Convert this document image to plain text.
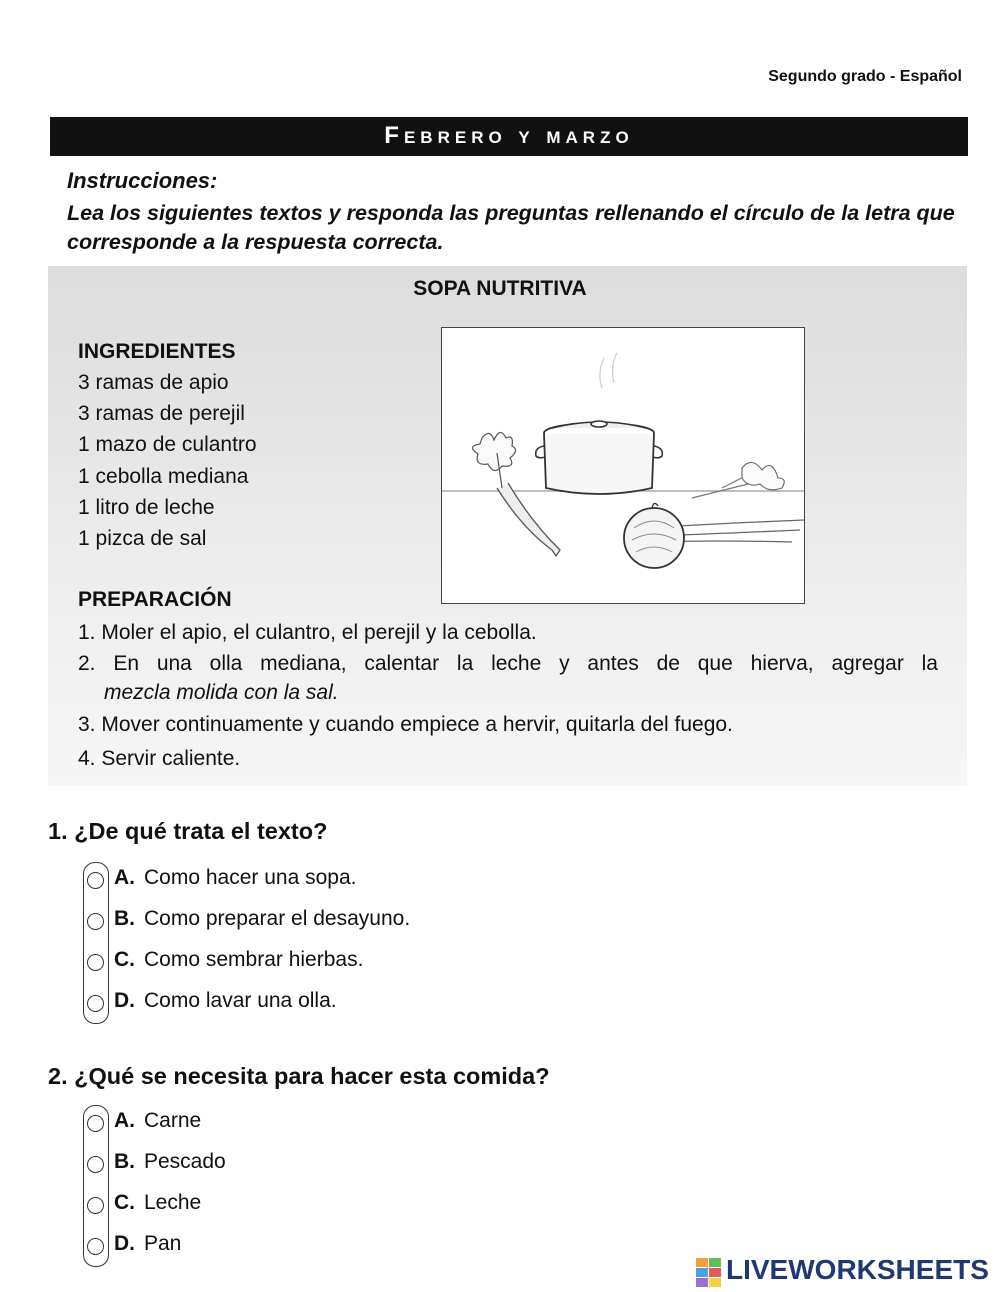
Segundo grado - Español
Febrero y marzo
Instrucciones:
Lea los siguientes textos y responda las preguntas rellenando el círculo de la letra que corresponde a la respuesta correcta.
SOPA NUTRITIVA
INGREDIENTES
3 ramas de apio
3 ramas de perejil
1 mazo de culantro
1 cebolla mediana
1 litro de leche
1 pizca de sal
PREPARACIÓN
1. Moler el apio, el culantro, el perejil y la cebolla.
2. En una olla mediana, calentar la leche y antes de que hierva, agregar la
mezcla molida con la sal.
3. Mover continuamente y cuando empiece a hervir, quitarla del fuego.
4. Servir caliente.
1. ¿De qué trata el texto?
A. Como hacer una sopa.
B. Como preparar el desayuno.
C. Como sembrar hierbas.
D. Como lavar una olla.
2. ¿Qué se necesita para hacer esta comida?
A. Carne
B. Pescado
C. Leche
D. Pan
LIVEWORKSHEETS
